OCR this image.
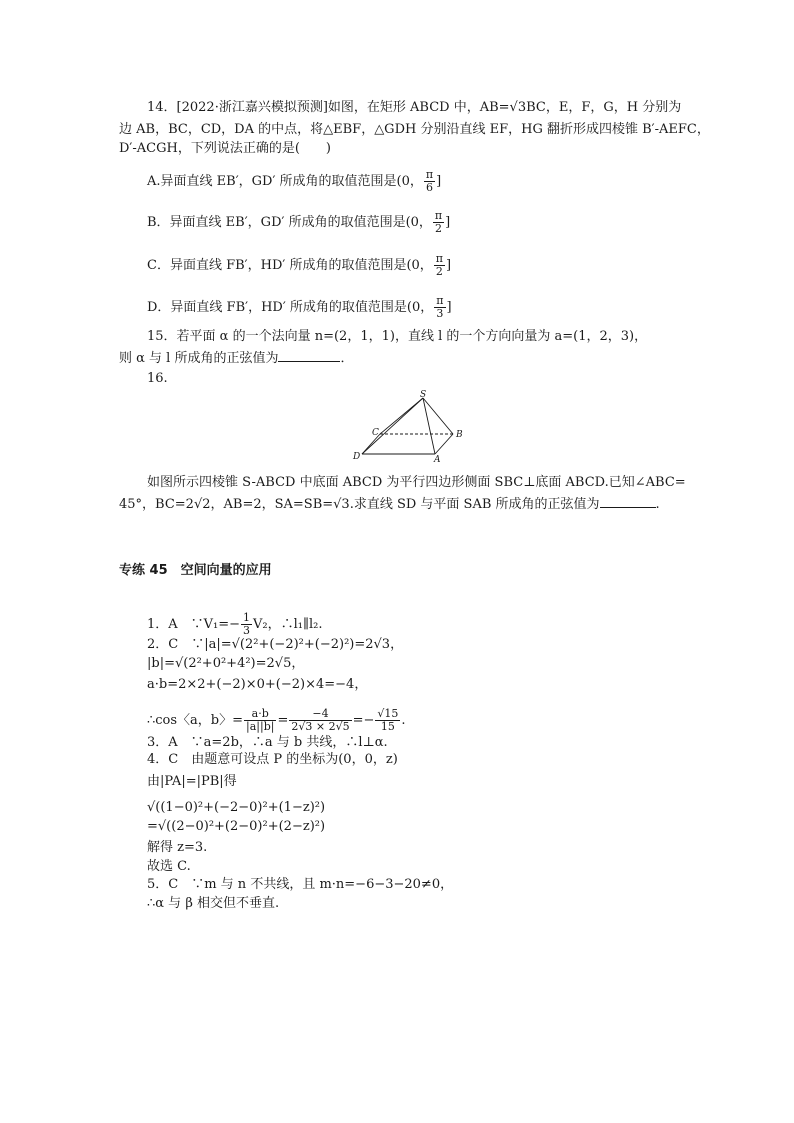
14．[2022·浙江嘉兴模拟预测]如图，在矩形 ABCD 中，AB=√3BC，E，F，G，H 分别为
边 AB，BC，CD，DA 的中点，将△EBF，△GDH 分别沿直线 EF，HG 翻折形成四棱锥 B′-AEFC，
D′-ACGH，下列说法正确的是(　　)
A.异面直线 EB′，GD′ 所成角的取值范围是(0， $\frac{\pi}{6}$ ]
B．异面直线 EB′，GD′ 所成角的取值范围是(0， $\frac{\pi}{2}$ ]
C．异面直线 FB′，HD′ 所成角的取值范围是(0， $\frac{\pi}{2}$ ]
D．异面直线 FB′，HD′ 所成角的取值范围是(0， $\frac{\pi}{3}$ ]
15．若平面 α 的一个法向量 n=(2，1，1)，直线 l 的一个方向向量为 a=(1，2，3)，
则 α 与 l 所成角的正弦值为	．
16.
S
C	B
D	A
如图所示四棱锥 S-ABCD 中底面 ABCD 为平行四边形侧面 SBC⊥底面 ABCD.已知∠ABC=
45°，BC=2√2，AB=2，SA=SB=√3.求直线 SD 与平面 SAB 所成角的正弦值为	.
专练 45　空间向量的应用
1．A　∵V₁=− $\frac{1}{3} V_2$，∴l₁∥l₂.
2．C　∵|a|=√(2²+(−2)²+(−2)²)=2√3，
|b|=√(2²+0²+4²)=2√5，
a·b=2×2+(−2)×0+(−2)×4=−4，
∴cos〈a，b〉= $\frac{a\cdot b}{|a||b|} = \frac{-4}{2√3 \times 2√5} =- \frac{√15}{15}$ .
3．A　∵a=2b，∴a 与 b 共线，∴l⊥α.
4．C　由题意可设点 P 的坐标为(0，0，z)
由|PA|=|PB|得
√((1−0)²+(−2−0)²+(1−z)²)
=√((2−0)²+(2−0)²+(2−z)²)
解得 z=3.
故选 C.
5．C　∵m 与 n 不共线，且 m·n=−6−3−20≠0，
∴α 与 β 相交但不垂直.
